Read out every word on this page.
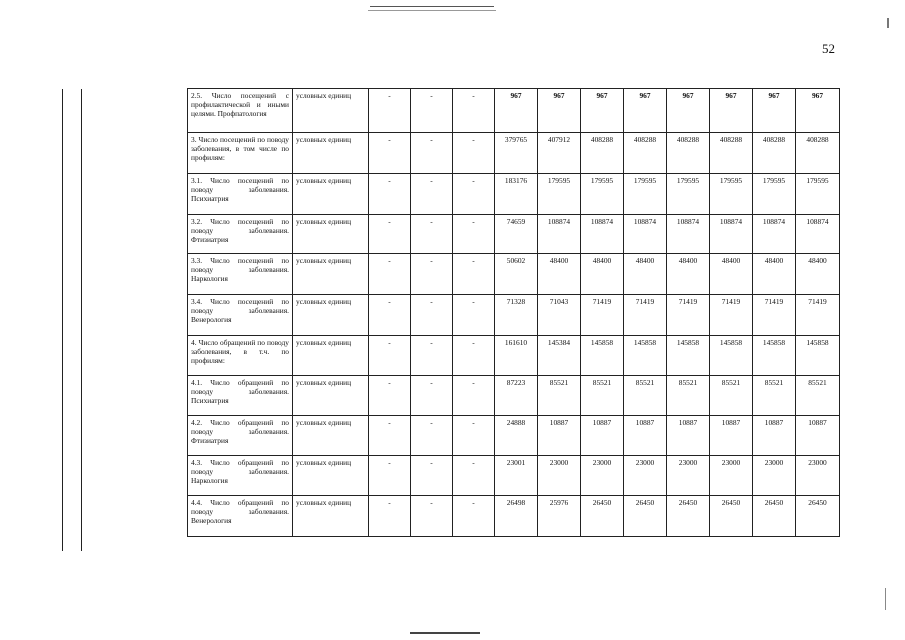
52
2.5. Число посещений с профилактической и иными целями. Профпатология	условных единиц	-	-	-	967	967	967	967	967	967	967	967
3. Число посещений по поводу заболевания, в том числе по профилям:	условных единиц	-	-	-	379765	407912	408288	408288	408288	408288	408288	408288
3.1. Число посещений по поводу заболевания. Психиатрия	условных единиц	-	-	-	183176	179595	179595	179595	179595	179595	179595	179595
3.2. Число посещений по поводу заболевания. Фтизиатрия	условных единиц	-	-	-	74659	108874	108874	108874	108874	108874	108874	108874
3.3. Число посещений по поводу заболевания. Наркология	условных единиц	-	-	-	50602	48400	48400	48400	48400	48400	48400	48400
3.4. Число посещений по поводу заболевания. Венерология	условных единиц	-	-	-	71328	71043	71419	71419	71419	71419	71419	71419
4. Число обращений по поводу заболевания, в т.ч. по профилям:	условных единиц	-	-	-	161610	145384	145858	145858	145858	145858	145858	145858
4.1. Число обращений по поводу заболевания. Психиатрия	условных единиц	-	-	-	87223	85521	85521	85521	85521	85521	85521	85521
4.2. Число обращений по поводу заболевания. Фтизиатрия	условных единиц	-	-	-	24888	10887	10887	10887	10887	10887	10887	10887
4.3. Число обращений по поводу заболевания. Наркология	условных единиц	-	-	-	23001	23000	23000	23000	23000	23000	23000	23000
4.4. Число обращений по поводу заболевания. Венерология	условных единиц	-	-	-	26498	25976	26450	26450	26450	26450	26450	26450
